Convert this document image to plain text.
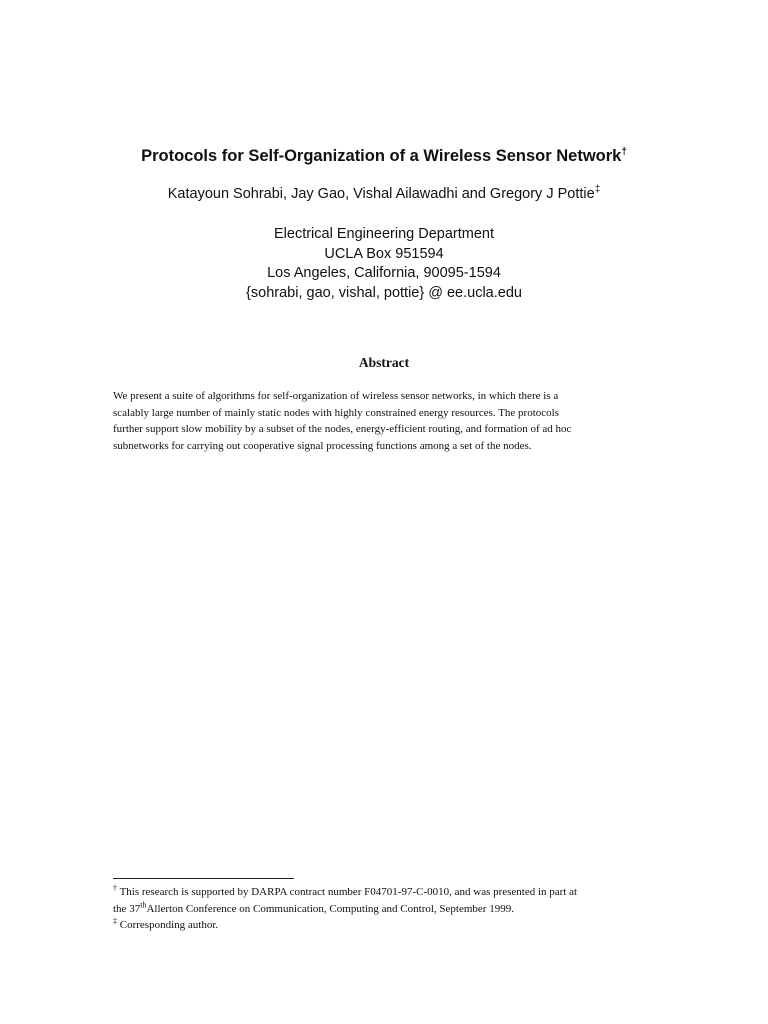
Protocols for Self-Organization of a Wireless Sensor Network†
Katayoun Sohrabi, Jay Gao, Vishal Ailawadhi and Gregory J Pottie‡
Electrical Engineering Department
UCLA Box 951594
Los Angeles, California, 90095-1594
{sohrabi, gao, vishal, pottie} @ ee.ucla.edu
Abstract
We present a suite of algorithms for self-organization of wireless sensor networks, in which there is a
scalably large number of mainly static nodes with highly constrained energy resources. The protocols
further support slow mobility by a subset of the nodes, energy-efficient routing, and formation of ad hoc
subnetworks for carrying out cooperative signal processing functions among a set of the nodes.
† This research is supported by DARPA contract number F04701-97-C-0010, and was presented in part at
the 37thAllerton Conference on Communication, Computing and Control, September 1999.
‡ Corresponding author.
